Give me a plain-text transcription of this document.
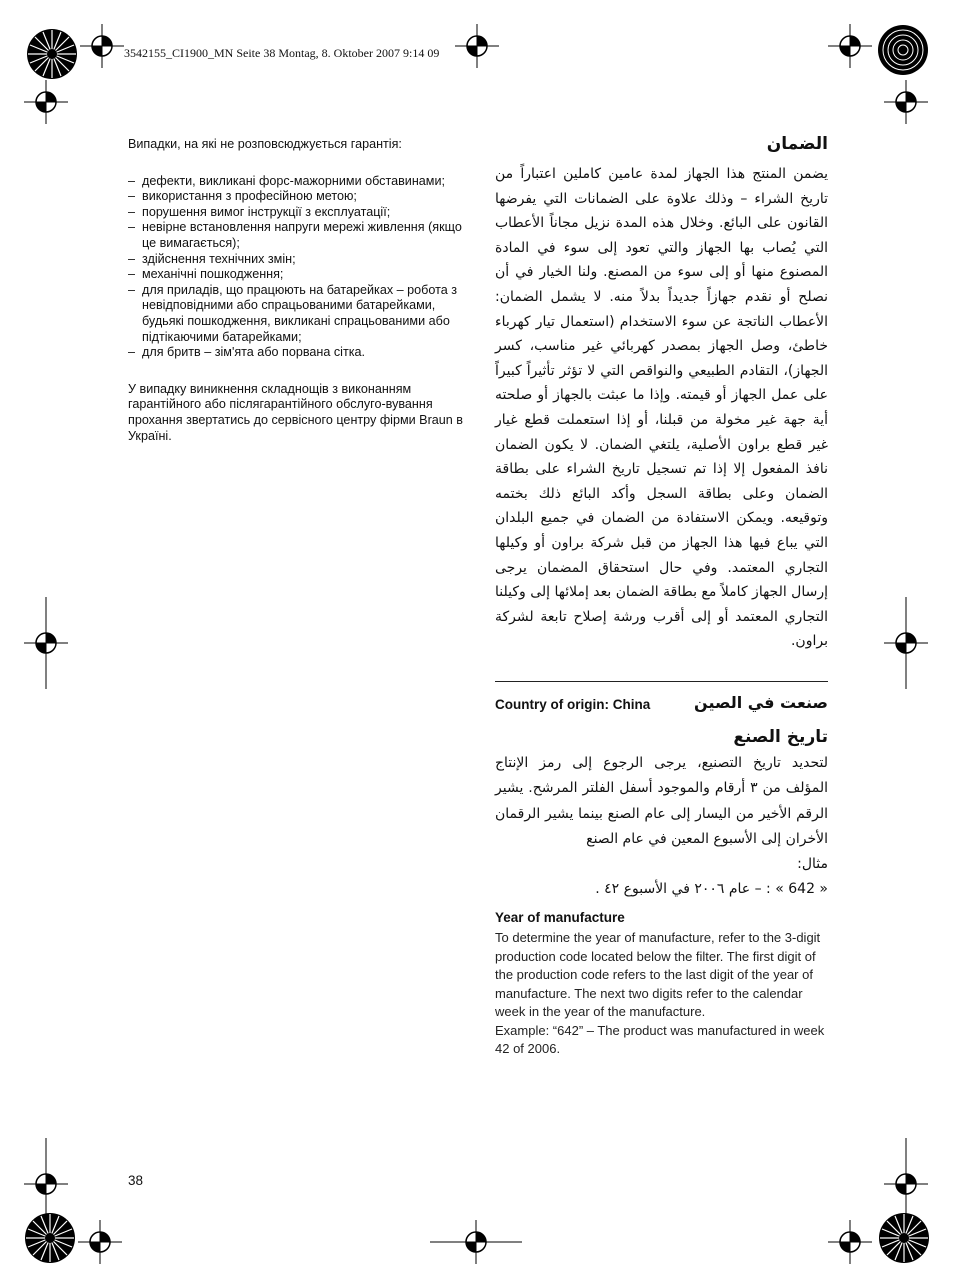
3542155_CI1900_MN Seite 38 Montag, 8. Oktober 2007 9:14 09

Випадки, на які не розповсюджується гарантія:

– дефекти, викликані форс-мажорними обставинами;
– використання з професійною метою;
– порушення вимог інструкції з експлуатації;
– невірне встановлення напруги мережі живлення (якщо це вимагається);
– здійснення технічних змін;
– механічні пошкодження;
– для приладів, що працюють на батарейках – робота з невідповідними або спрацьованими батарейками, будьякі пошкодження, викликані спрацьованими або підтікаючими батарейками;
– для бритв – зім'ята або порвана сітка.

У випадку виникнення складнощів з виконанням гарантійного або післягарантійного обслуго-вування прохання звертатись до сервісного центру фірми Braun в Україні.

الضمان

يضمن المنتج هذا الجهاز لمدة عامين كاملين اعتباراً من تاريخ الشراء – وذلك علاوة على الضمانات التي يفرضها القانون على البائع. وخلال هذه المدة نزيل مجاناً الأعطاب التي يُصاب بها الجهاز والتي تعود إلى سوء في المادة المصنوع منها أو إلى سوء من المصنع. ولنا الخيار في أن نصلح أو نقدم جهازاً جديداً بدلاً منه. لا يشمل الضمان: الأعطاب الناتجة عن سوء الاستخدام (استعمال تيار كهرباء خاطئ، وصل الجهاز بمصدر كهربائي غير مناسب، كسر الجهاز)، التقادم الطبيعي والنواقص التي لا تؤثر تأثيراً كبيراً على عمل الجهاز أو قيمته. وإذا ما عبثت بالجهاز أو صلحته أية جهة غير مخولة من قبلنا، أو إذا استعملت قطع غيار غير قطع براون الأصلية، يلتغي الضمان. لا يكون الضمان نافذ المفعول إلا إذا تم تسجيل تاريخ الشراء على بطاقة الضمان وعلى بطاقة السجل وأكد البائع ذلك بختمه وتوقيعه. ويمكن الاستفادة من الضمان في جميع البلدان التي يباع فيها هذا الجهاز من قبل شركة براون أو وكيلها التجاري المعتمد. وفي حال استحقاق المضمان يرجى إرسال الجهاز كاملاً مع بطاقة الضمان بعد إملائها إلى وكيلنا التجاري المعتمد أو إلى أقرب ورشة إصلاح تابعة لشركة براون.

Country of origin: China	صنعت في الصين
تاريخ الصنع

لتحديد تاريخ التصنيع، يرجى الرجوع إلى رمز الإنتاج المؤلف من ٣ أرقام والموجود أسفل الفلتر المرشح. يشير الرقم الأخير من اليسار إلى عام الصنع بينما يشير الرقمان الأخران إلى الأسبوع المعين في عام الصنع

مثال:

« 642 » : – عام ٢٠٠٦ في الأسبوع ٤٢ .

Year of manufacture

To determine the year of manufacture, refer to the 3-digit production code located below the filter. The first digit of the production code refers to the last digit of the year of manufacture. The next two digits refer to the calendar week in the year of the manufacture.

Example: “642” – The product was manufactured in week 42 of 2006.

38
